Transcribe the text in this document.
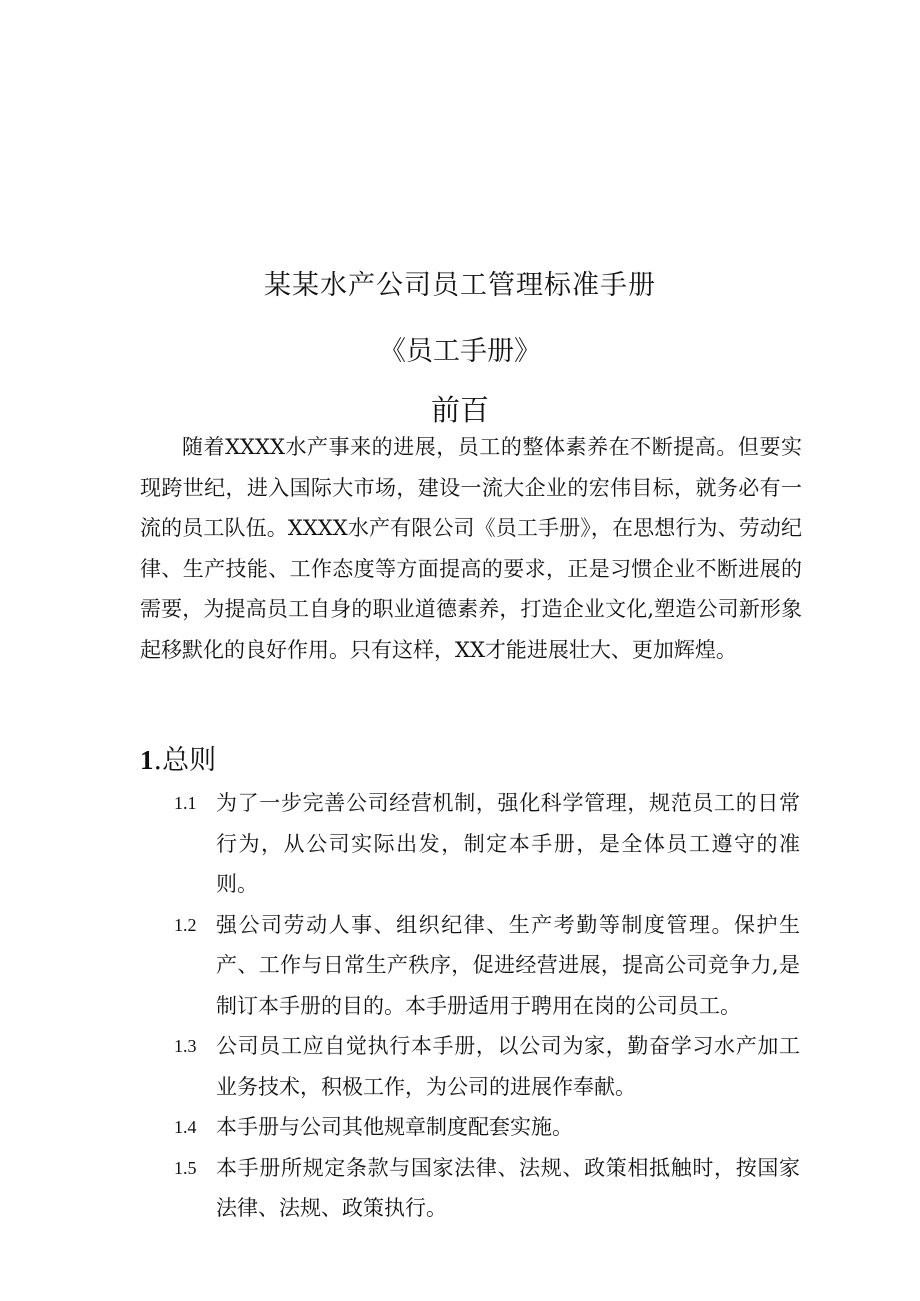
某某水产公司员工管理标准手册
《员工手册》
前百

随着XXXX水产事来的进展，员工的整体素养在不断提高。但要实现跨世纪，进入国际大市场，建设一流大企业的宏伟目标，就务必有一流的员工队伍。XXXX水产有限公司《员工手册》，在思想行为、劳动纪律、生产技能、工作态度等方面提高的要求，正是习惯企业不断进展的需要，为提高员工自身的职业道德素养，打造企业文化,塑造公司新形象起移默化的良好作用。只有这样，XX才能进展壮大、更加辉煌。

1.总则
1.1 为了一步完善公司经营机制，强化科学管理，规范员工的日常行为，从公司实际出发，制定本手册，是全体员工遵守的准则。
1.2 强公司劳动人事、组织纪律、生产考勤等制度管理。保护生产、工作与日常生产秩序，促进经营进展，提高公司竞争力,是制订本手册的目的。本手册适用于聘用在岗的公司员工。
1.3 公司员工应自觉执行本手册，以公司为家，勤奋学习水产加工业务技术，积极工作，为公司的进展作奉献。
1.4 本手册与公司其他规章制度配套实施。
1.5 本手册所规定条款与国家法律、法规、政策相抵触时，按国家法律、法规、政策执行。
